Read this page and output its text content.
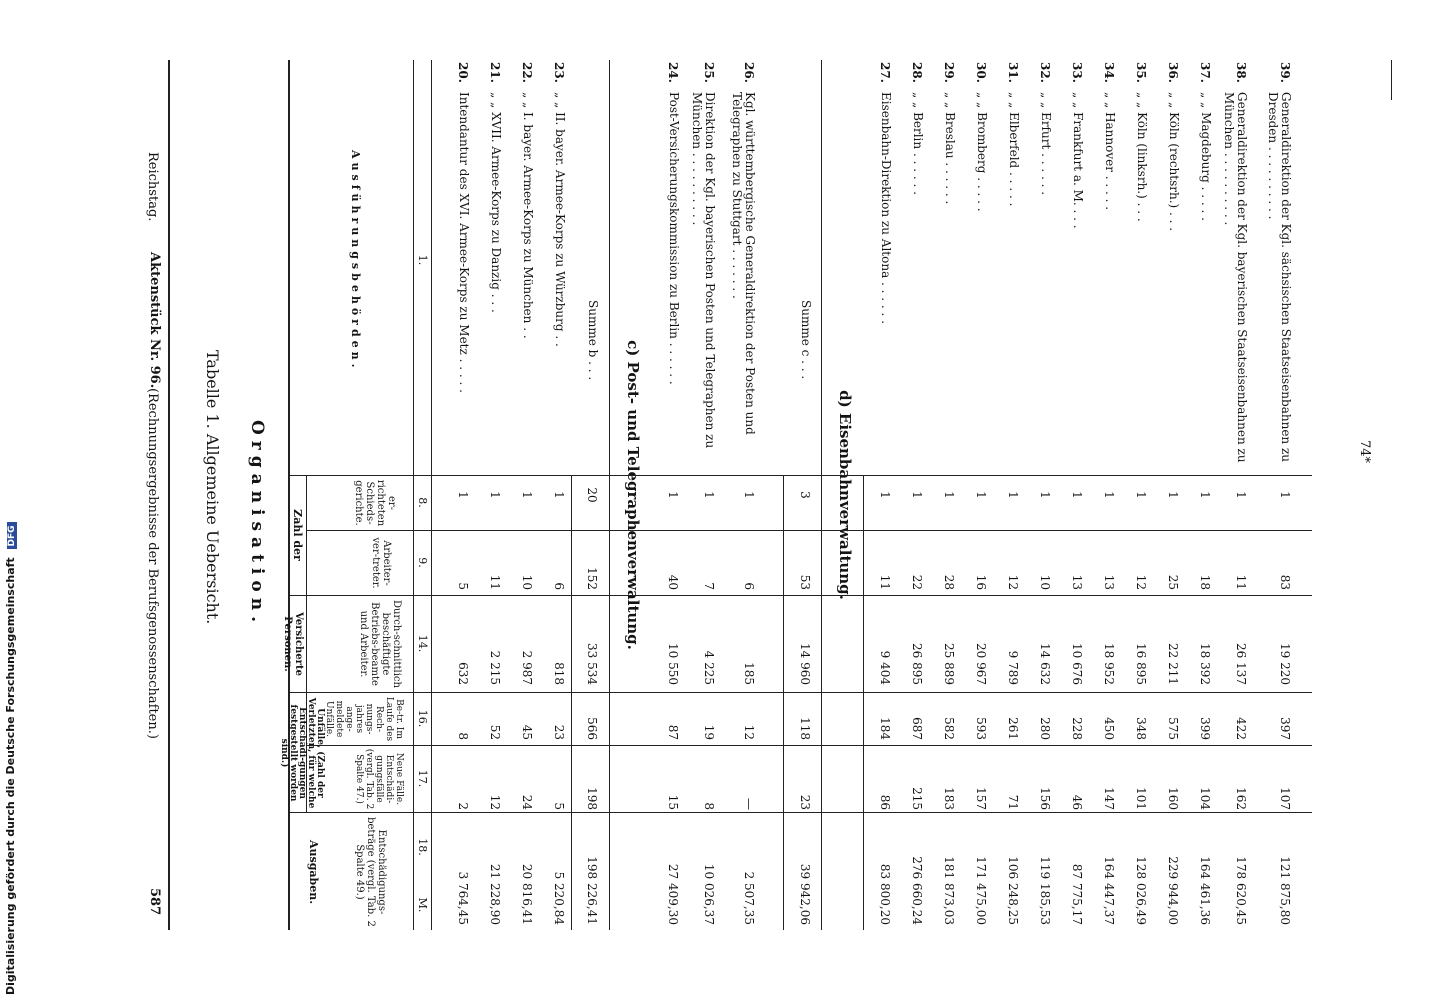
Reichstag.
Aktenstück Nr. 96.
(Rechnungsergebnisse der Berufsgenossenschaften.)
587
Tabelle 1. Allgemeine Uebersicht. Organisation.
Ausführungsbehörden.
Zahl der
er-richteten Schieds-gerichte.
Arbeiter-ver-treter.
Versicherte Personen.	Durch-schnittlich beschäftigte Betriebs-beamte und Arbeiter.
Unfälle, (Zahl der Verletzten, für welche Entschädi-gungen festgestellt worden sind.)
Be-tr. Im Laufe des Rech-nungs-jahres ange-meldete Unfälle.
Neue Fälle. Entschädi-gungsfälle (vergl. Tab. 2 Spalte 47.)
Ausgaben.	Entschädigungs-beträge (vergl. Tab. 2 Spalte 49.)
1.
8.
9.
14.
16.
17.
18.
M.
20.
Intendantur des XVI. Armee-Korps zu Metz . . . . .
1
5
632
8
2
3 764,45
21.
„ „ XVII. Armee-Korps zu Danzig . . .
1
11
2 215
52
12
21 228,90
22.
„ „ I. bayer. Armee-Korps zu München . .
1
10
2 987
45
24
20 816,41
23.
„ „ II. bayer. Armee-Korps zu Würzburg . .
1
6
818
23
5
5 220,84
Summe b . . .
20
152
33 534
566
198
198 226,41
c) Post- und Telegraphenverwaltung.
24.
Post-Versicherungskommission zu Berlin . . . . . .
1
40
10 550
87
15
27 409,30
25.
Direktion der Kgl. bayerischen Posten und Telegraphen zu München . . . . . . . . . .
1
7
4 225
19
8
10 026,37
26.
Kgl. württembergische Generaldirektion der Posten und Telegraphen zu Stuttgart . . . . . . .
1
6
185
12
—
2 507,35
Summe c . . .
3
53
14 960
118
23
39 942,06
d) Eisenbahnverwaltung.
27.
Eisenbahn-Direktion zu Altona . . . . . .
1
11
9 404
184
86
83 800,20
28.
„ „ Berlin . . . . . .
1
22
26 895
687
215
276 660,24
29.
„ „ Breslau . . . . . .
1
28
25 889
582
183
181 873,03
30.
„ „ Bromberg . . . . .
1
16
20 967
593
157
171 475,00
31.
„ „ Elberfeld . . . . .
1
12
9 789
261
71
106 248,25
32.
„ „ Erfurt . . . . . .
1
10
14 632
280
156
119 185,53
33.
„ „ Frankfurt a. M. . . .
1
13
10 676
228
46
87 775,17
34.
„ „ Hannover . . . . .
1
13
18 952
450
147
164 447,37
35.
„ „ Köln (linksrh.) . . .
1
12
16 895
348
101
128 026,49
36.
„ „ Köln (rechtsrh.) . . .
1
25
22 211
575
160
229 944,00
37.
„ „ Magdeburg . . . . .
1
18
18 392
399
104
164 461,36
38.
Generaldirektion der Kgl. bayerischen Staatseisenbahnen zu München . . . . . . . . . .
1
11
26 137
422
162
178 620,45
39.
Generaldirektion der Kgl. sächsischen Staatseisenbahnen zu Dresden . . . . . . . . . .
1
83
19 220
397
107
121 875,80
74*
Digitalisierung gefördert durch die Deutsche Forschungsgemeinschaft DFG
